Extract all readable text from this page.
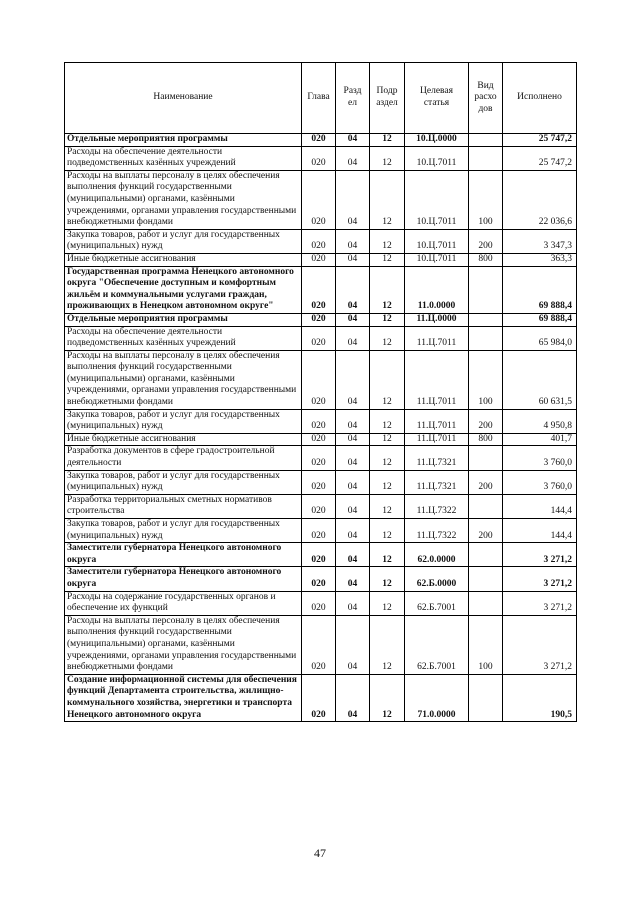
Наименование	Глава	Разд ел	Подр аздел	Целевая статья	Вид расхо дов	Исполнено
Отдельные мероприятия программы	020	04	12	10.Ц.0000		25 747,2
Расходы на обеспечение деятельности подведомственных казённых учреждений	020	04	12	10.Ц.7011		25 747,2
Расходы на выплаты персоналу в целях обеспечения выполнения функций государственными (муниципальными) органами, казёнными учреждениями, органами управления государственными внебюджетными фондами	020	04	12	10.Ц.7011	100	22 036,6
Закупка товаров, работ и услуг для государственных (муниципальных) нужд	020	04	12	10.Ц.7011	200	3 347,3
Иные бюджетные ассигнования	020	04	12	10.Ц.7011	800	363,3
Государственная программа Ненецкого автономного округа "Обеспечение доступным и комфортным жильём и коммунальными услугами граждан, проживающих в Ненецком автономном округе"	020	04	12	11.0.0000		69 888,4
Отдельные мероприятия программы	020	04	12	11.Ц.0000		69 888,4
Расходы на обеспечение деятельности подведомственных казённых учреждений	020	04	12	11.Ц.7011		65 984,0
Расходы на выплаты персоналу в целях обеспечения выполнения функций государственными (муниципальными) органами, казёнными учреждениями, органами управления государственными внебюджетными фондами	020	04	12	11.Ц.7011	100	60 631,5
Закупка товаров, работ и услуг для государственных (муниципальных) нужд	020	04	12	11.Ц.7011	200	4 950,8
Иные бюджетные ассигнования	020	04	12	11.Ц.7011	800	401,7
Разработка документов в сфере градостроительной деятельности	020	04	12	11.Ц.7321		3 760,0
Закупка товаров, работ и услуг для государственных (муниципальных) нужд	020	04	12	11.Ц.7321	200	3 760,0
Разработка территориальных сметных нормативов строительства	020	04	12	11.Ц.7322		144,4
Закупка товаров, работ и услуг для государственных (муниципальных) нужд	020	04	12	11.Ц.7322	200	144,4
Заместители губернатора Ненецкого автономного округа	020	04	12	62.0.0000		3 271,2
Заместители губернатора Ненецкого автономного округа	020	04	12	62.Б.0000		3 271,2
Расходы на содержание государственных органов и обеспечение их функций	020	04	12	62.Б.7001		3 271,2
Расходы на выплаты персоналу в целях обеспечения выполнения функций государственными (муниципальными) органами, казёнными учреждениями, органами управления государственными внебюджетными фондами	020	04	12	62.Б.7001	100	3 271,2
Создание информационной системы для обеспечения функций Департамента строительства, жилищно-коммунального хозяйства, энергетики и транспорта Ненецкого автономного округа	020	04	12	71.0.0000		190,5
47
